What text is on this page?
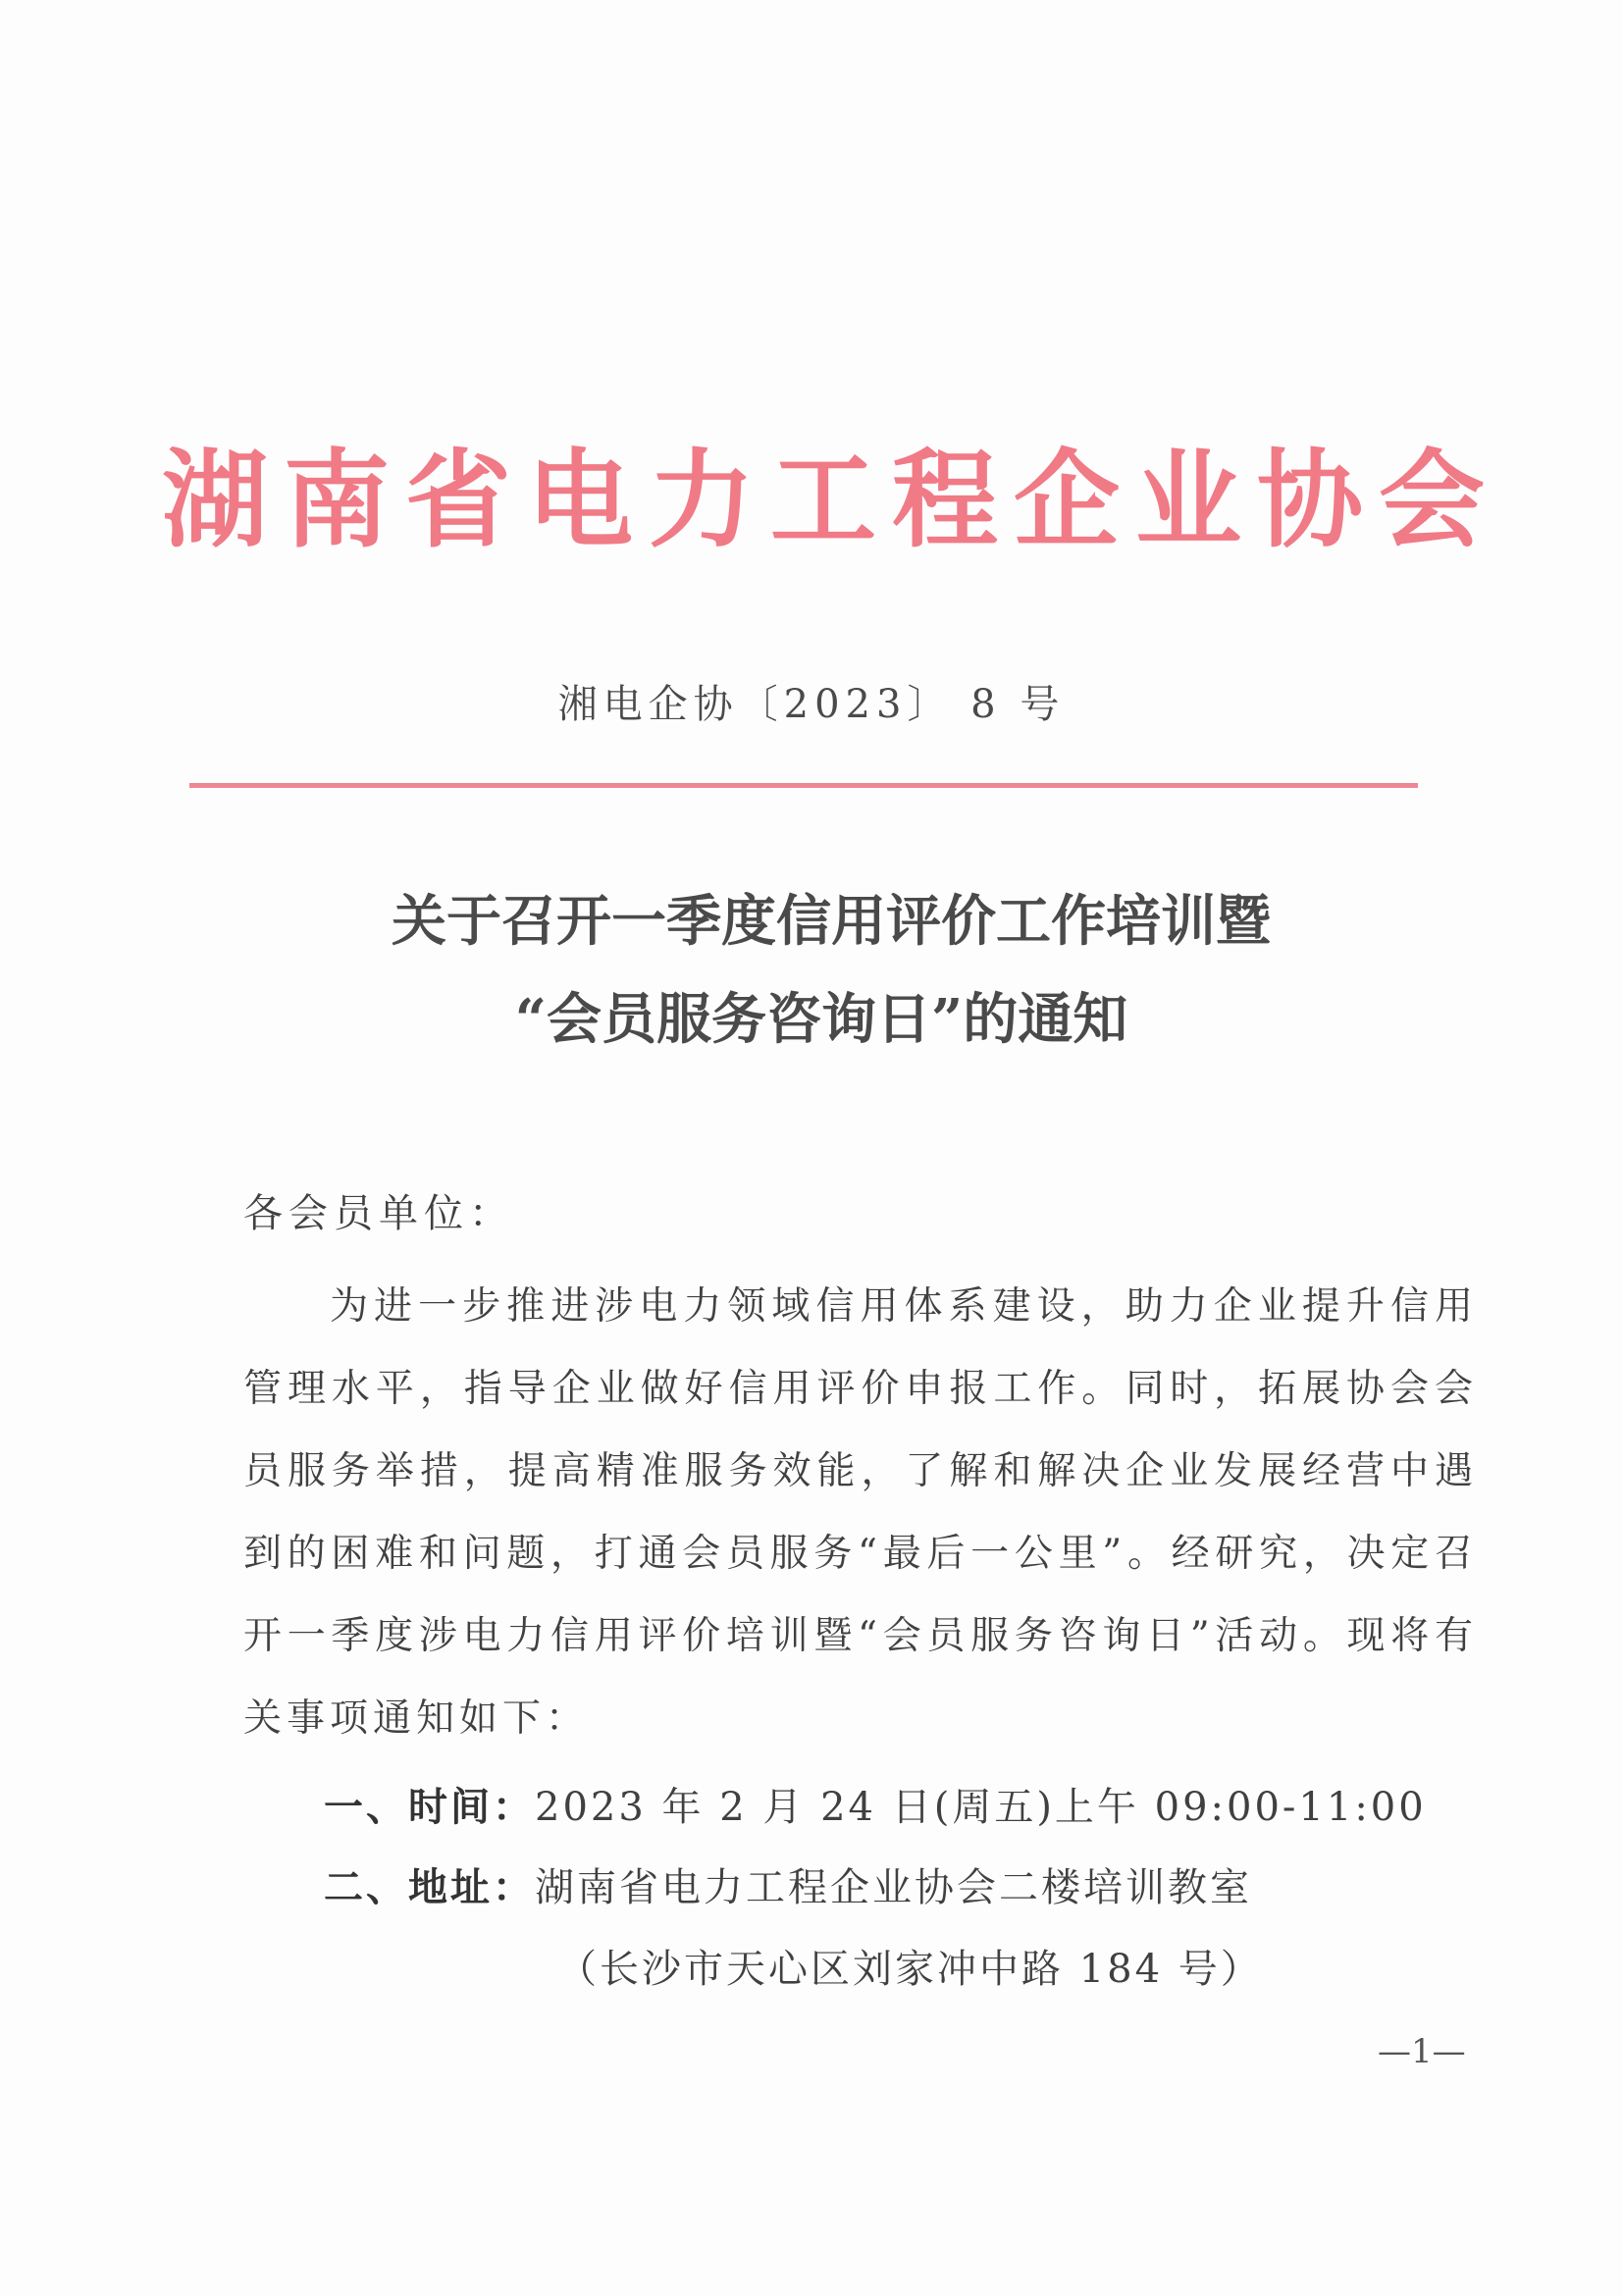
湖南省电力工程企业协会
湘电企协〔2023〕 8 号
关于召开一季度信用评价工作培训暨
“会员服务咨询日”的通知
各会员单位：
为进一步推进涉电力领域信用体系建设，助力企业提升信用管理水平，指导企业做好信用评价申报工作。同时，拓展协会会员服务举措，提高精准服务效能，了解和解决企业发展经营中遇到的困难和问题，打通会员服务“最后一公里”。经研究，决定召开一季度涉电力信用评价培训暨“会员服务咨询日”活动。现将有关事项通知如下：
一、时间：2023 年 2 月 24 日(周五)上午 09:00-11:00
二、地址：湖南省电力工程企业协会二楼培训教室
（长沙市天心区刘家冲中路 184 号）
—1—
